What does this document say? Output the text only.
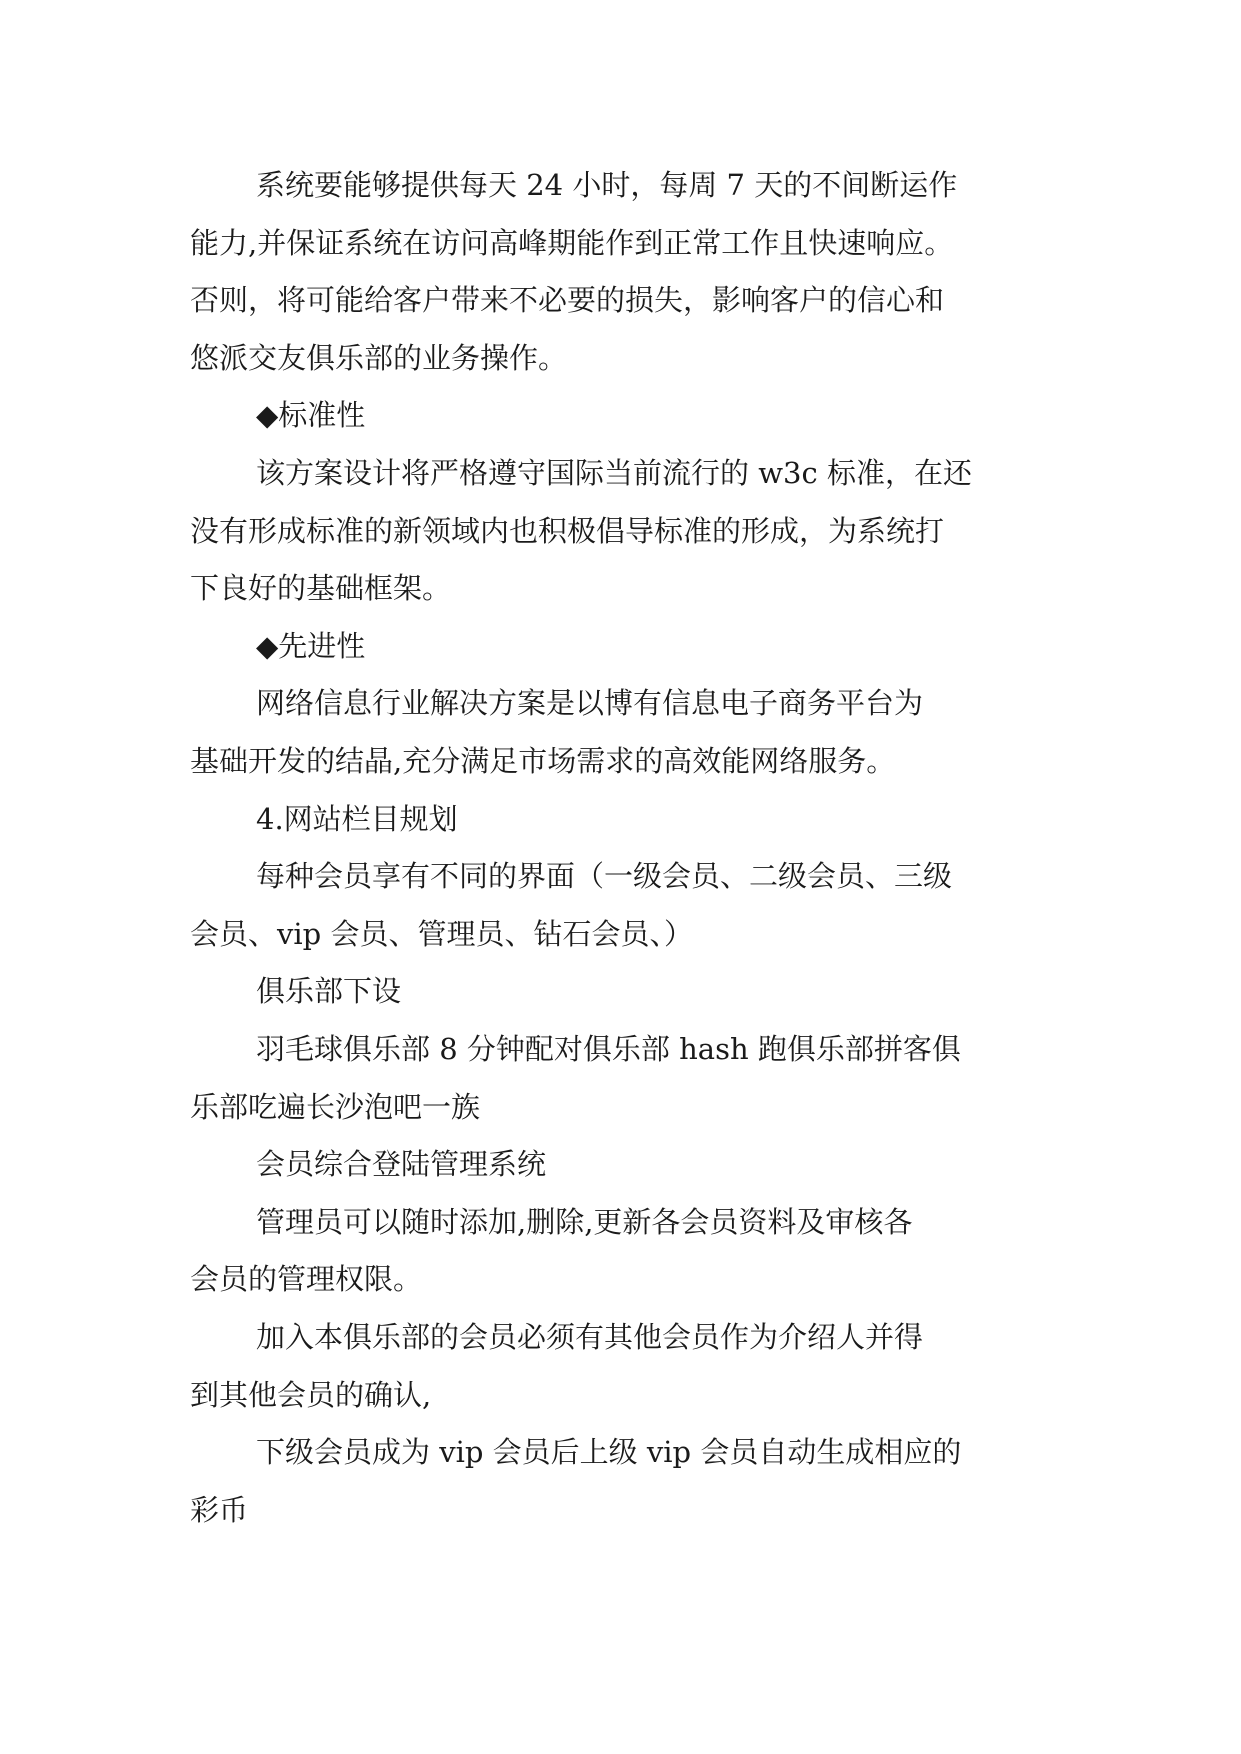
系统要能够提供每天 24 小时，每周 7 天的不间断运作
能力,并保证系统在访问高峰期能作到正常工作且快速响应。
否则，将可能给客户带来不必要的损失，影响客户的信心和
悠派交友俱乐部的业务操作。
◆标准性
该方案设计将严格遵守国际当前流行的 w3c 标准，在还
没有形成标准的新领域内也积极倡导标准的形成，为系统打
下良好的基础框架。
◆先进性
网络信息行业解决方案是以博有信息电子商务平台为
基础开发的结晶,充分满足市场需求的高效能网络服务。
4.网站栏目规划
每种会员享有不同的界面（一级会员、二级会员、三级
会员、vip 会员、管理员、钻石会员、）
俱乐部下设
羽毛球俱乐部 8 分钟配对俱乐部 hash 跑俱乐部拼客俱
乐部吃遍长沙泡吧一族
会员综合登陆管理系统
管理员可以随时添加,删除,更新各会员资料及审核各
会员的管理权限。
加入本俱乐部的会员必须有其他会员作为介绍人并得
到其他会员的确认,
下级会员成为 vip 会员后上级 vip 会员自动生成相应的
彩币
